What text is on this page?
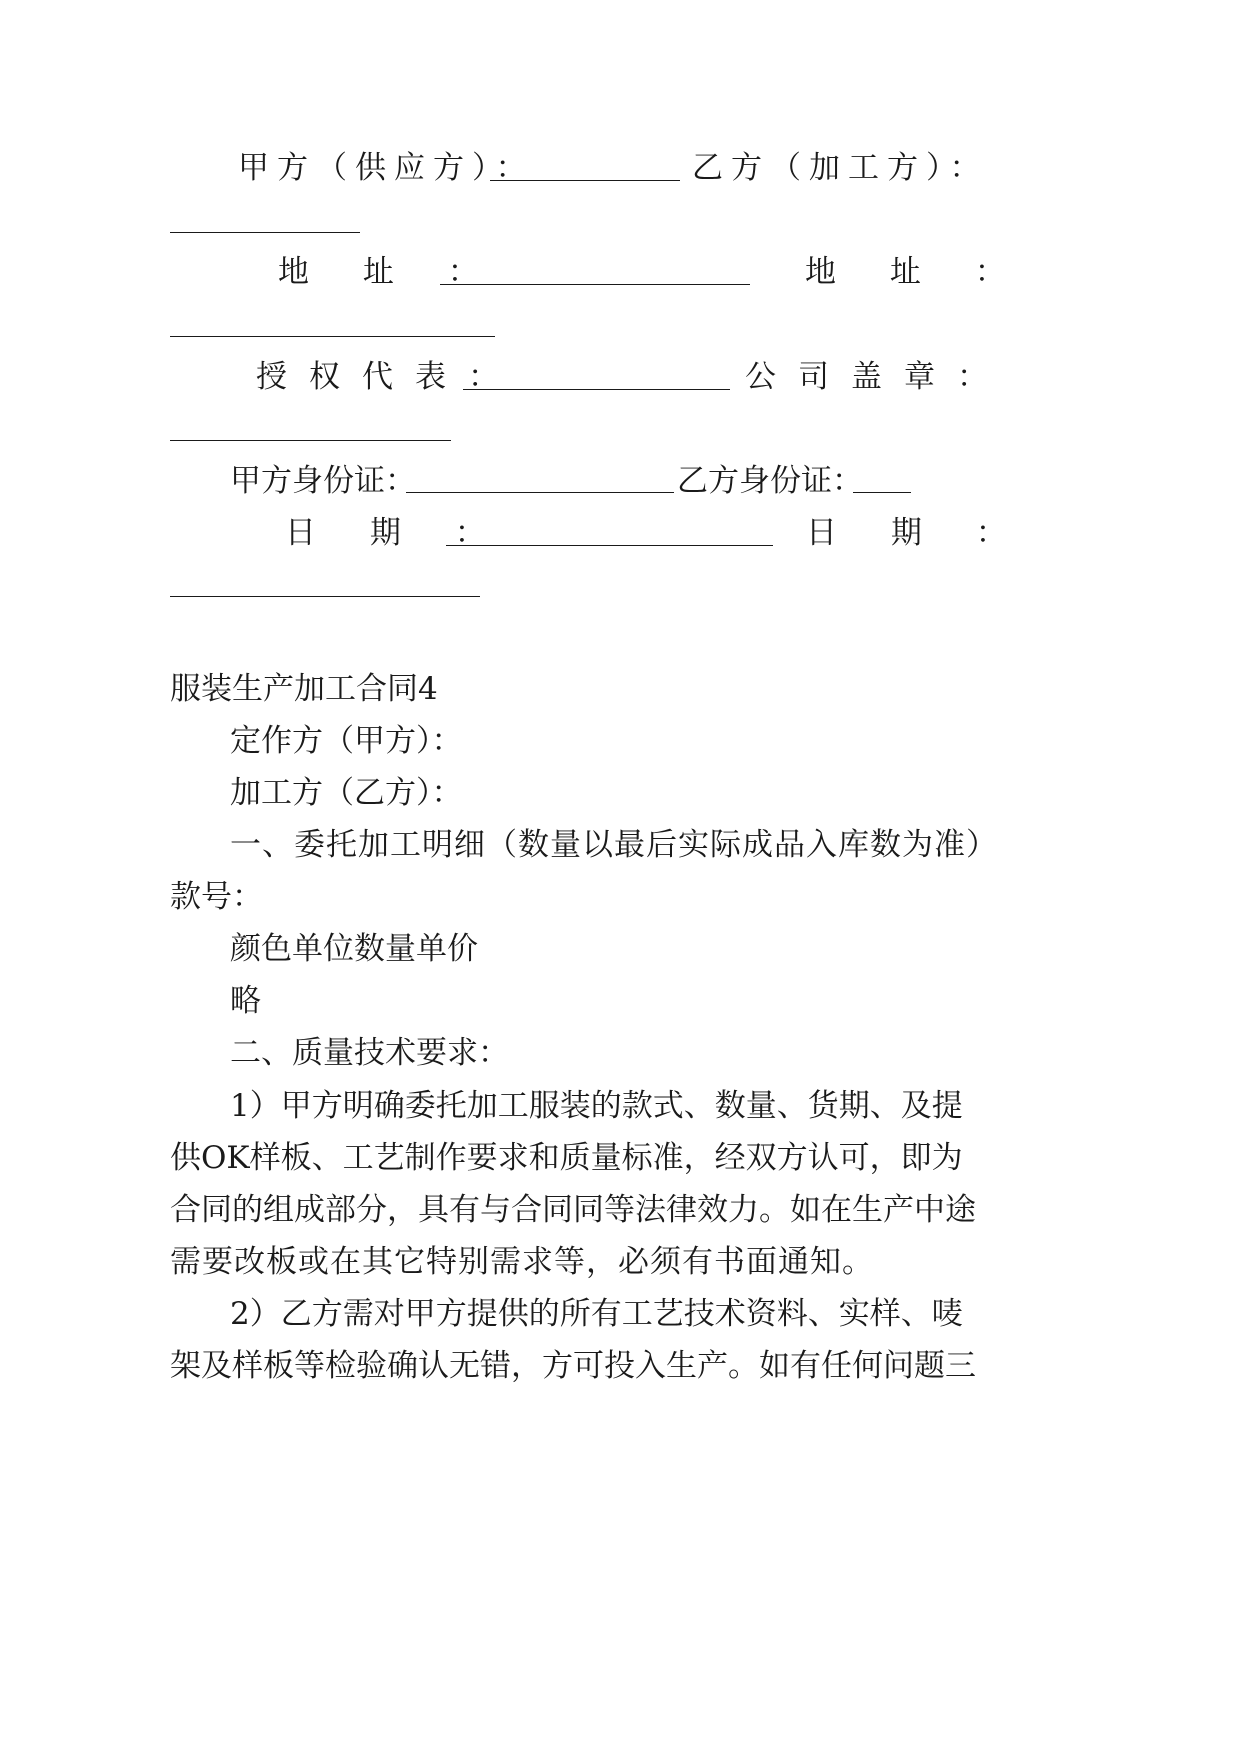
甲方（供应方）：	乙方（加工方）：
地 址 ：	地 址 ：
授权代表：	公司盖章：
甲方身份证：	乙方身份证：
日 期 ：	日 期 ：
服装生产加工合同4
定作方（甲方）：
加工方（乙方）：
一、委托加工明细（数量以最后实际成品入库数为准）
款号：
颜色单位数量单价
略
二、质量技术要求：
1）甲方明确委托加工服装的款式、数量、货期、及提
供OK样板、工艺制作要求和质量标准，经双方认可，即为
合同的组成部分，具有与合同同等法律效力。如在生产中途
需要改板或在其它特别需求等，必须有书面通知。
2）乙方需对甲方提供的所有工艺技术资料、实样、唛
架及样板等检验确认无错，方可投入生产。如有任何问题三
